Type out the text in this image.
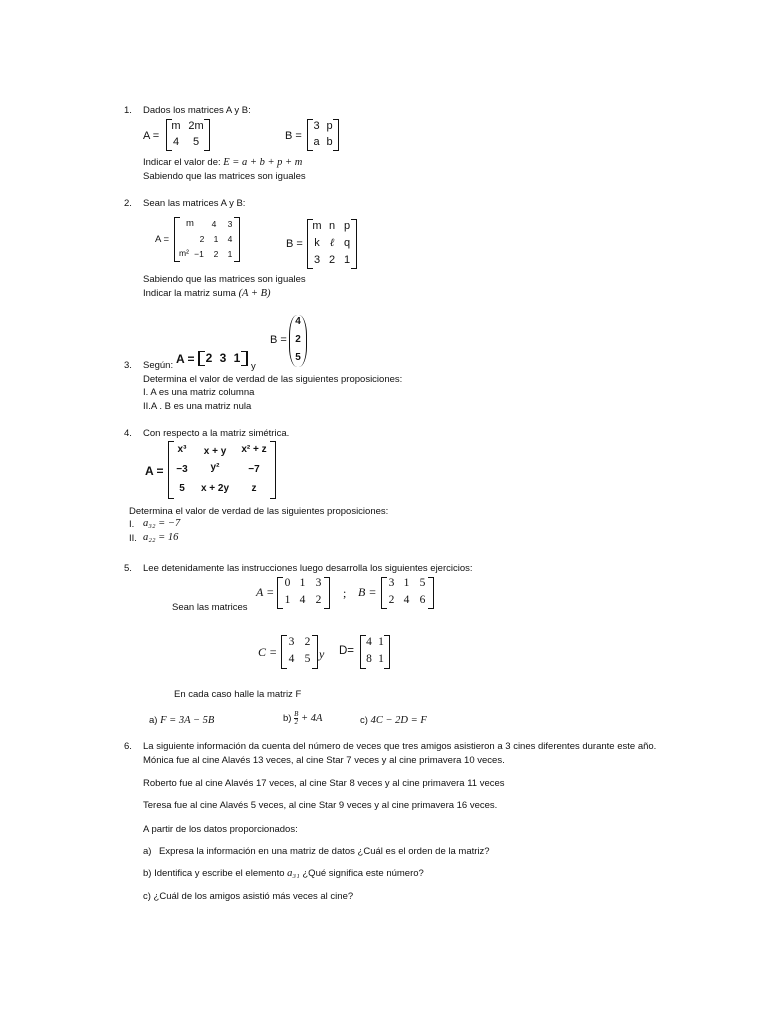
1. Dados los matrices A y B:
A =
m 2m
4	5	B =
3 p
a b
Indicar el valor de: E = a + b + p + m
Sabiendo que las matrices son iguales
2. Sean las matrices A y B:
A =
m	4	3
2	1	4
m² −1	2	1
B =
m n p
k ℓ q
3 2 1
Sabiendo que las matrices son iguales
Indicar la matriz suma (A + B)
B =
4
2
5
3. Según: A = 2 3 1
y
Determina el valor de verdad de las siguientes proposiciones:
I. A es una matriz columna
II.A . B es una matriz nula
4. Con respecto a la matriz simétrica.
A =
x³	x + y	x² + z
−3	y²	−7
5	x + 2y	z
Determina el valor de verdad de las siguientes proposiciones:
I. a₃₂ = −7
II. a₂₂ = 16
5. Lee detenidamente las instrucciones luego desarrolla los siguientes ejercicios:
Sean las matrices
A =
0 1 3
1 4 2	; B =
3 1 5
2 4 6
C =
3 2
4 5 y D=
4 1
8 1
En cada caso halle la matriz F
a) F = 3A − 5B	$b) \frac{B}{2} + 4A$	c) 4C − 2D = F
6. La siguiente información da cuenta del número de veces que tres amigos asistieron a 3 cines diferentes durante este año.
Mónica fue al cine Alavés 13 veces, al cine Star 7 veces y al cine primavera 10 veces.
Roberto fue al cine Alavés 17 veces, al cine Star 8 veces y al cine primavera 11 veces
Teresa fue al cine Alavés 5 veces, al cine Star 9 veces y al cine primavera 16 veces.
A partir de los datos proporcionados:
a) Expresa la información en una matriz de datos ¿Cuál es el orden de la matriz?
b) Identifica y escribe el elemento a₃₁ ¿Qué significa este número?
c) ¿Cuál de los amigos asistió más veces al cine?
